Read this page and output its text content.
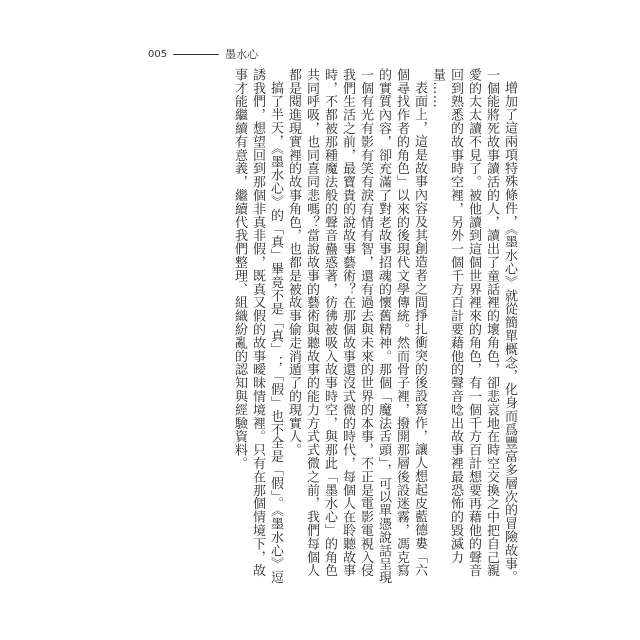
005	墨水心

增加了這兩項特殊條件，《墨水心》就從簡單概念，化身而爲豐富多層次的冒險故事。一個能將死故事讀活的人，讀出了童話裡的壞角色，卻悲哀地在時空交換之中把自己親愛的太太讀不見了。被他讀到這個世界裡來的角色，有一個千方百計想要再藉他的聲音回到熟悉的故事時空裡，另外一個千方百計要藉他的聲音唸出故事裡最恐怖的毀滅力量……

表面上，這是故事內容及其創造者之間掙扎衝突的後設寫作，讓人想起皮藍德婁「六個尋找作者的角色」以來的後現代文學傳統。然而骨子裡，撥開那層後設迷霧，馮克寫的實質內容，卻充滿了對老故事招魂的懷舊精神。那個「魔法舌頭」，可以單憑說話呈現一個有光有影有笑有淚有情有智，還有過去與未來的世界的本事，不正是電影電視入侵我們生活之前，最寶貴的說故事藝術？在那個故事還沒式微的時代，每個人在聆聽故事時，不都被那種魔法般的聲音蠱惑著，彷彿被吸入故事時空，與那此「墨水心」的角色共同呼吸，也同喜同悲嗎？當說故事的藝術與聽故事的能力方式式微之前，我們每個人都是閱進現實裡的故事角色，也都是被故事偷走消遁了的現實人。

搞了半天，《墨水心》的「真」畢竟不是「真」；「假」也不全是「假」。《墨水心》逗誘我們，想望回到那個非真非假，既真又假的故事曖昧情境裡。只有在那個情境下，故事才能繼續有意義，繼續代我們整理、組織紛亂的認知與經驗資料。
